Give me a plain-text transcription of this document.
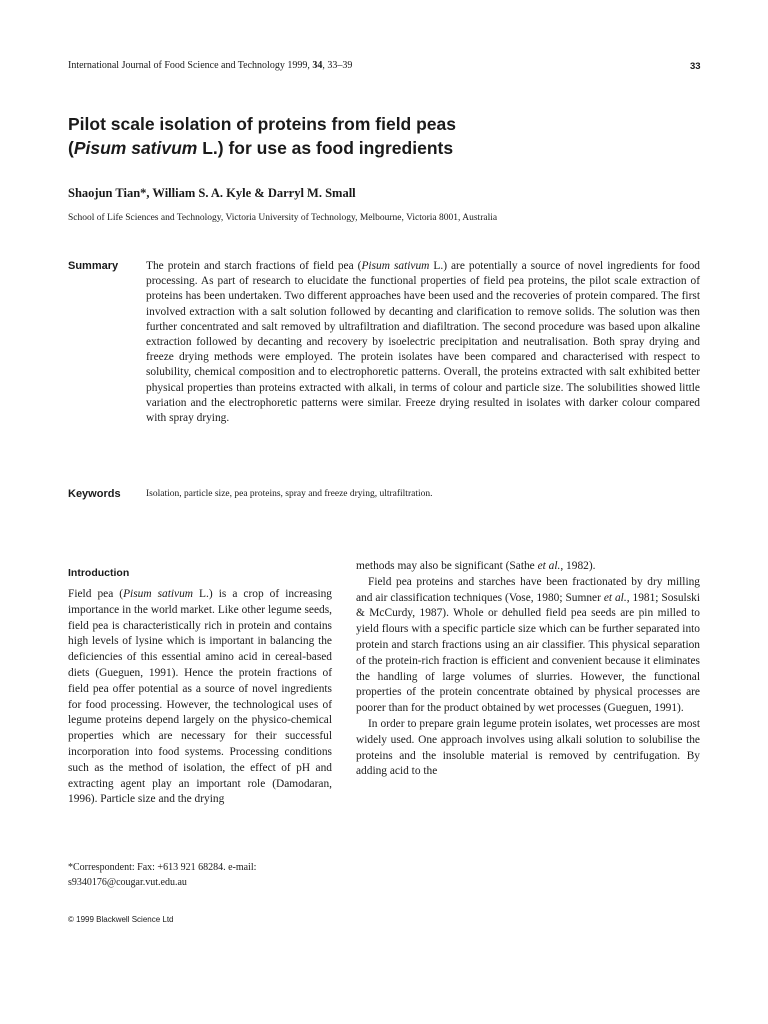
International Journal of Food Science and Technology 1999, 34, 33–39	33
Pilot scale isolation of proteins from field peas
(Pisum sativum L.) for use as food ingredients
Shaojun Tian*, William S. A. Kyle & Darryl M. Small
School of Life Sciences and Technology, Victoria University of Technology, Melbourne, Victoria 8001, Australia
Summary The protein and starch fractions of field pea (Pisum sativum L.) are potentially a source of novel ingredients for food processing. As part of research to elucidate the functional properties of field pea proteins, the pilot scale extraction of proteins has been undertaken. Two different approaches have been used and the recoveries of protein compared. The first involved extraction with a salt solution followed by decanting and clarification to remove solids. The solution was then further concentrated and salt removed by ultrafiltration and diafiltration. The second procedure was based upon alkaline extraction followed by decanting and recovery by isoelectric precipitation and neutralisation. Both spray drying and freeze drying methods were employed. The protein isolates have been compared and characterised with respect to solubility, chemical composition and to electrophoretic patterns. Overall, the proteins extracted with salt exhibited better physical properties than proteins extracted with alkali, in terms of colour and particle size. The solubilities showed little variation and the electrophoretic patterns were similar. Freeze drying resulted in isolates with darker colour compared with spray drying.
Keywords	Isolation, particle size, pea proteins, spray and freeze drying, ultrafiltration.
Introduction

Field pea (Pisum sativum L.) is a crop of increasing importance in the world market. Like other legume seeds, field pea is characteristically rich in protein and contains high levels of lysine which is important in balancing the deficiencies of this essential amino acid in cereal-based diets (Gueguen, 1991). Hence the protein fractions of field pea offer potential as a source of novel ingredients for food processing. However, the technological uses of legume proteins depend largely on the physico-chemical properties which are necessary for their successful incorporation into food systems. Processing conditions such as the method of isolation, the effect of pH and extracting agent play an important role (Damodaran, 1996). Particle size and the drying

methods may also be significant (Sathe et al., 1982).

Field pea proteins and starches have been fractionated by dry milling and air classification techniques (Vose, 1980; Sumner et al., 1981; Sosulski & McCurdy, 1987). Whole or dehulled field pea seeds are pin milled to yield flours with a specific particle size which can be further separated into protein and starch fractions using an air classifier. This physical separation of the protein-rich fraction is efficient and convenient because it eliminates the handling of large volumes of slurries. However, the functional properties of the protein concentrate obtained by physical processes are poorer than for the product obtained by wet processes (Gueguen, 1991).

In order to prepare grain legume protein isolates, wet processes are most widely used. One approach involves using alkali solution to solubilise the proteins and the insoluble material is removed by centrifugation. By adding acid to the

*Correspondent: Fax: +613 921 68284. e-mail:
s9340176@cougar.vut.edu.au
© 1999 Blackwell Science Ltd
